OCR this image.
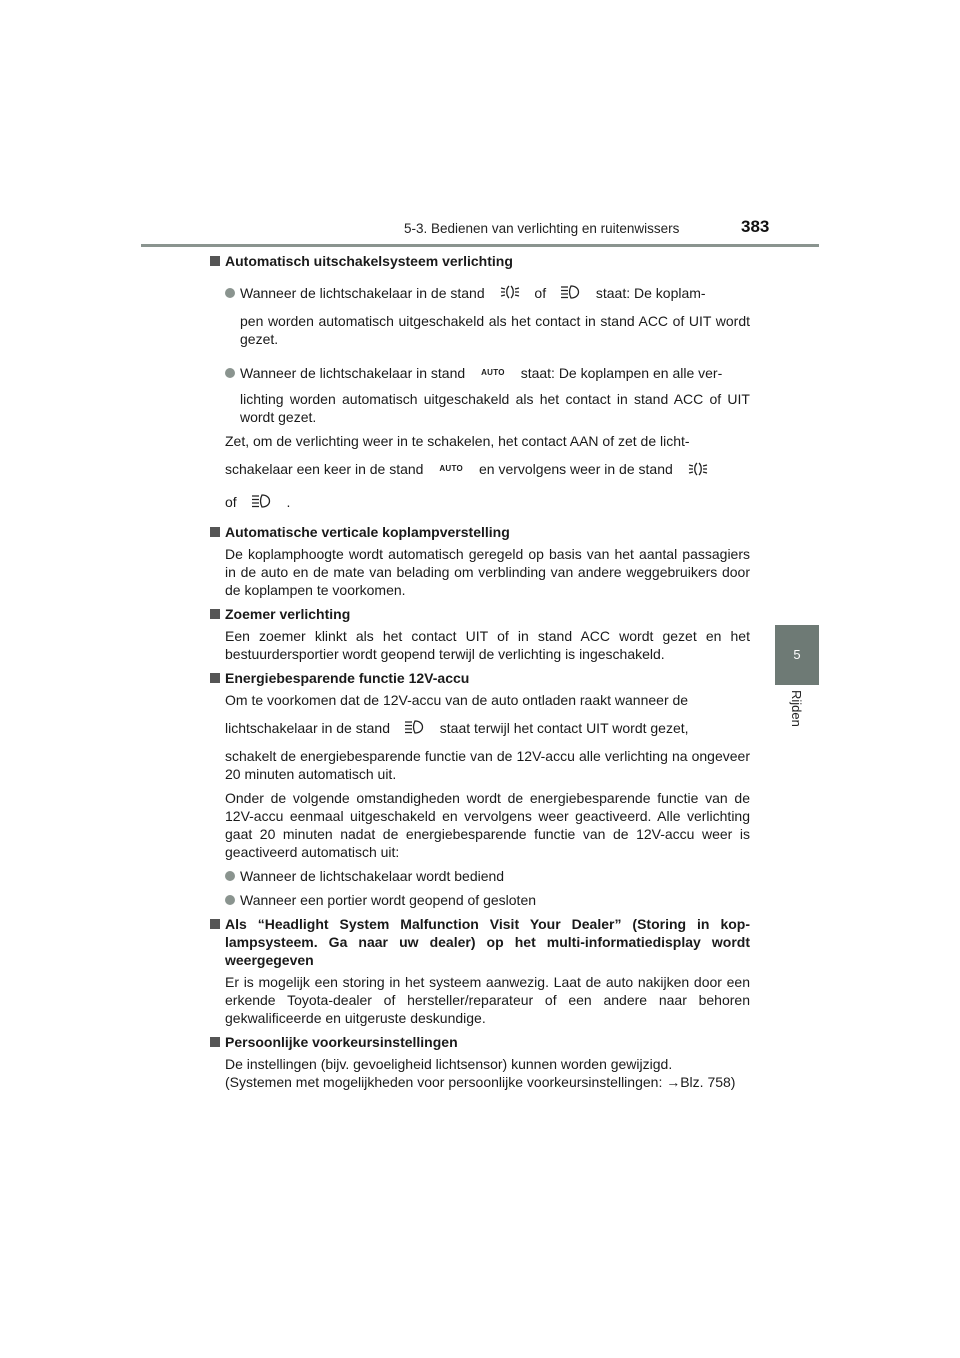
5-3. Bedienen van verlichting en ruitenwissers	383
5
Rijden
Automatisch uitschakelsysteem verlichting
Wanneer de lichtschakelaar in de stand	of	staat: De koplam-
pen worden automatisch uitgeschakeld als het contact in stand ACC of UIT wordt gezet.
Wanneer de lichtschakelaar in stand $^{AUTO}$ staat: De koplampen en alle ver-
lichting worden automatisch uitgeschakeld als het contact in stand ACC of UIT wordt gezet.
Zet, om de verlichting weer in te schakelen, het contact AAN of zet de licht-
schakelaar een keer in de stand $^{AUTO}$ en vervolgens weer in de stand
of	.
Automatische verticale koplampverstelling
De koplamphoogte wordt automatisch geregeld op basis van het aantal passagiers in de auto en de mate van belading om verblinding van andere weggebruikers door de koplampen te voorkomen.
Zoemer verlichting
Een zoemer klinkt als het contact UIT of in stand ACC wordt gezet en het bestuurdersportier wordt geopend terwijl de verlichting is ingeschakeld.
Energiebesparende functie 12V-accu
Om te voorkomen dat de 12V-accu van de auto ontladen raakt wanneer de
lichtschakelaar in de stand	staat terwijl het contact UIT wordt gezet,
schakelt de energiebesparende functie van de 12V-accu alle verlichting na ongeveer 20 minuten automatisch uit.
Onder de volgende omstandigheden wordt de energiebesparende functie van de 12V-accu eenmaal uitgeschakeld en vervolgens weer geactiveerd. Alle verlichting gaat 20 minuten nadat de energiebesparende functie van de 12V-accu weer is geactiveerd automatisch uit:
Wanneer de lichtschakelaar wordt bediend
Wanneer een portier wordt geopend of gesloten
Als “Headlight System Malfunction Visit Your Dealer” (Storing in kop-lampsysteem. Ga naar uw dealer) op het multi-informatiedisplay wordt weergegeven
Er is mogelijk een storing in het systeem aanwezig. Laat de auto nakijken door een erkende Toyota-dealer of hersteller/reparateur of een andere naar behoren gekwalificeerde en uitgeruste deskundige.
Persoonlijke voorkeursinstellingen
De instellingen (bijv. gevoeligheid lichtsensor) kunnen worden gewijzigd.
(Systemen met mogelijkheden voor persoonlijke voorkeursinstellingen: →Blz. 758)
